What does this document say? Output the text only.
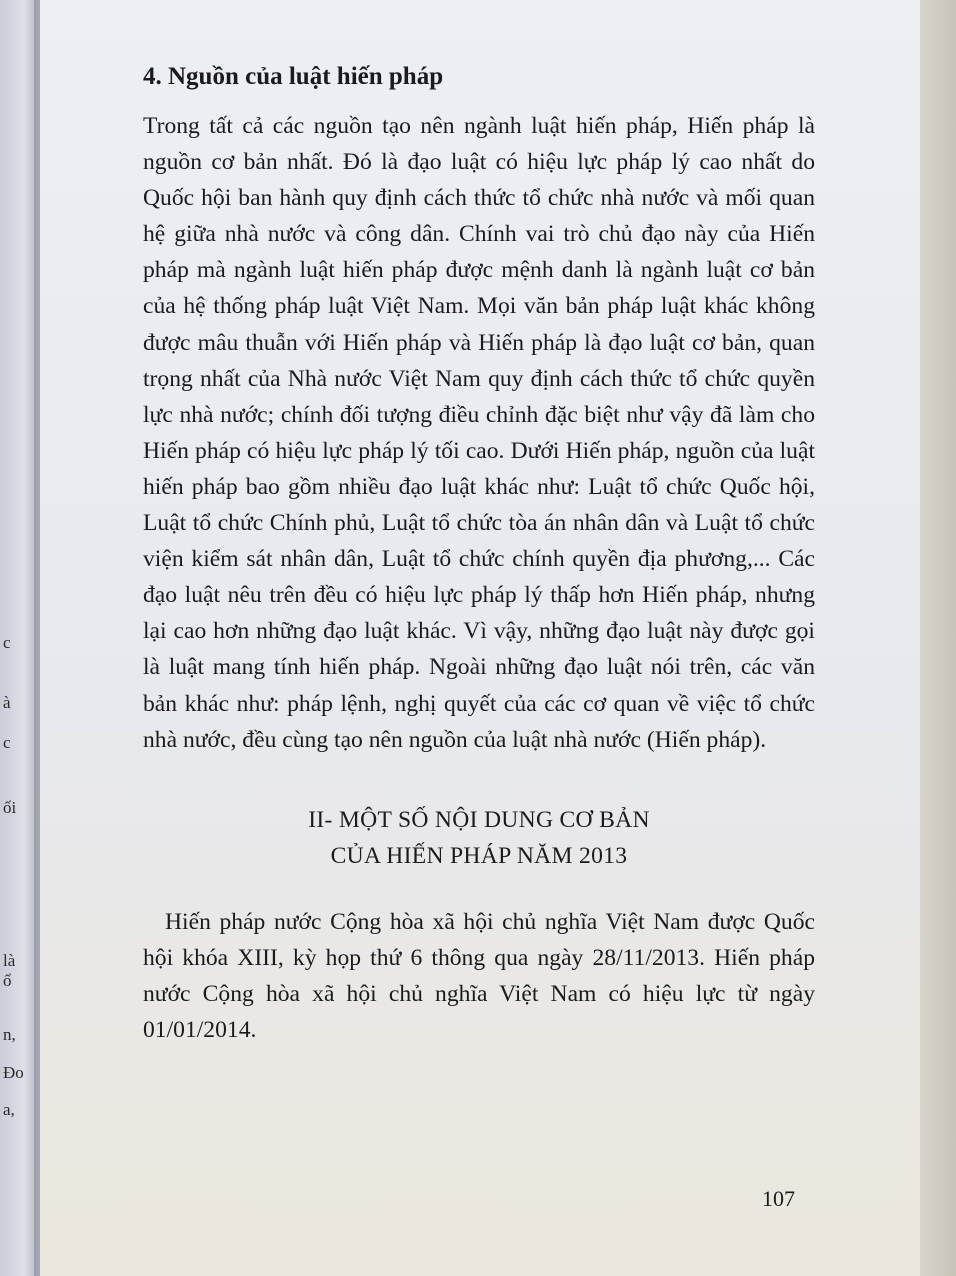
c
à
c
ối
là
ổ
n,
Đo
a,
4. Nguồn của luật hiến pháp

Trong tất cả các nguồn tạo nên ngành luật hiến pháp, Hiến pháp là nguồn cơ bản nhất. Đó là đạo luật có hiệu lực pháp lý cao nhất do Quốc hội ban hành quy định cách thức tổ chức nhà nước và mối quan hệ giữa nhà nước và công dân. Chính vai trò chủ đạo này của Hiến pháp mà ngành luật hiến pháp được mệnh danh là ngành luật cơ bản của hệ thống pháp luật Việt Nam. Mọi văn bản pháp luật khác không được mâu thuẫn với Hiến pháp và Hiến pháp là đạo luật cơ bản, quan trọng nhất của Nhà nước Việt Nam quy định cách thức tổ chức quyền lực nhà nước; chính đối tượng điều chỉnh đặc biệt như vậy đã làm cho Hiến pháp có hiệu lực pháp lý tối cao. Dưới Hiến pháp, nguồn của luật hiến pháp bao gồm nhiều đạo luật khác như: Luật tổ chức Quốc hội, Luật tổ chức Chính phủ, Luật tổ chức tòa án nhân dân và Luật tổ chức viện kiểm sát nhân dân, Luật tổ chức chính quyền địa phương,... Các đạo luật nêu trên đều có hiệu lực pháp lý thấp hơn Hiến pháp, nhưng lại cao hơn những đạo luật khác. Vì vậy, những đạo luật này được gọi là luật mang tính hiến pháp. Ngoài những đạo luật nói trên, các văn bản khác như: pháp lệnh, nghị quyết của các cơ quan về việc tổ chức nhà nước, đều cùng tạo nên nguồn của luật nhà nước (Hiến pháp).

II- MỘT SỐ NỘI DUNG CƠ BẢN
CỦA HIẾN PHÁP NĂM 2013

Hiến pháp nước Cộng hòa xã hội chủ nghĩa Việt Nam được Quốc hội khóa XIII, kỳ họp thứ 6 thông qua ngày 28/11/2013. Hiến pháp nước Cộng hòa xã hội chủ nghĩa Việt Nam có hiệu lực từ ngày 01/01/2014.

107
